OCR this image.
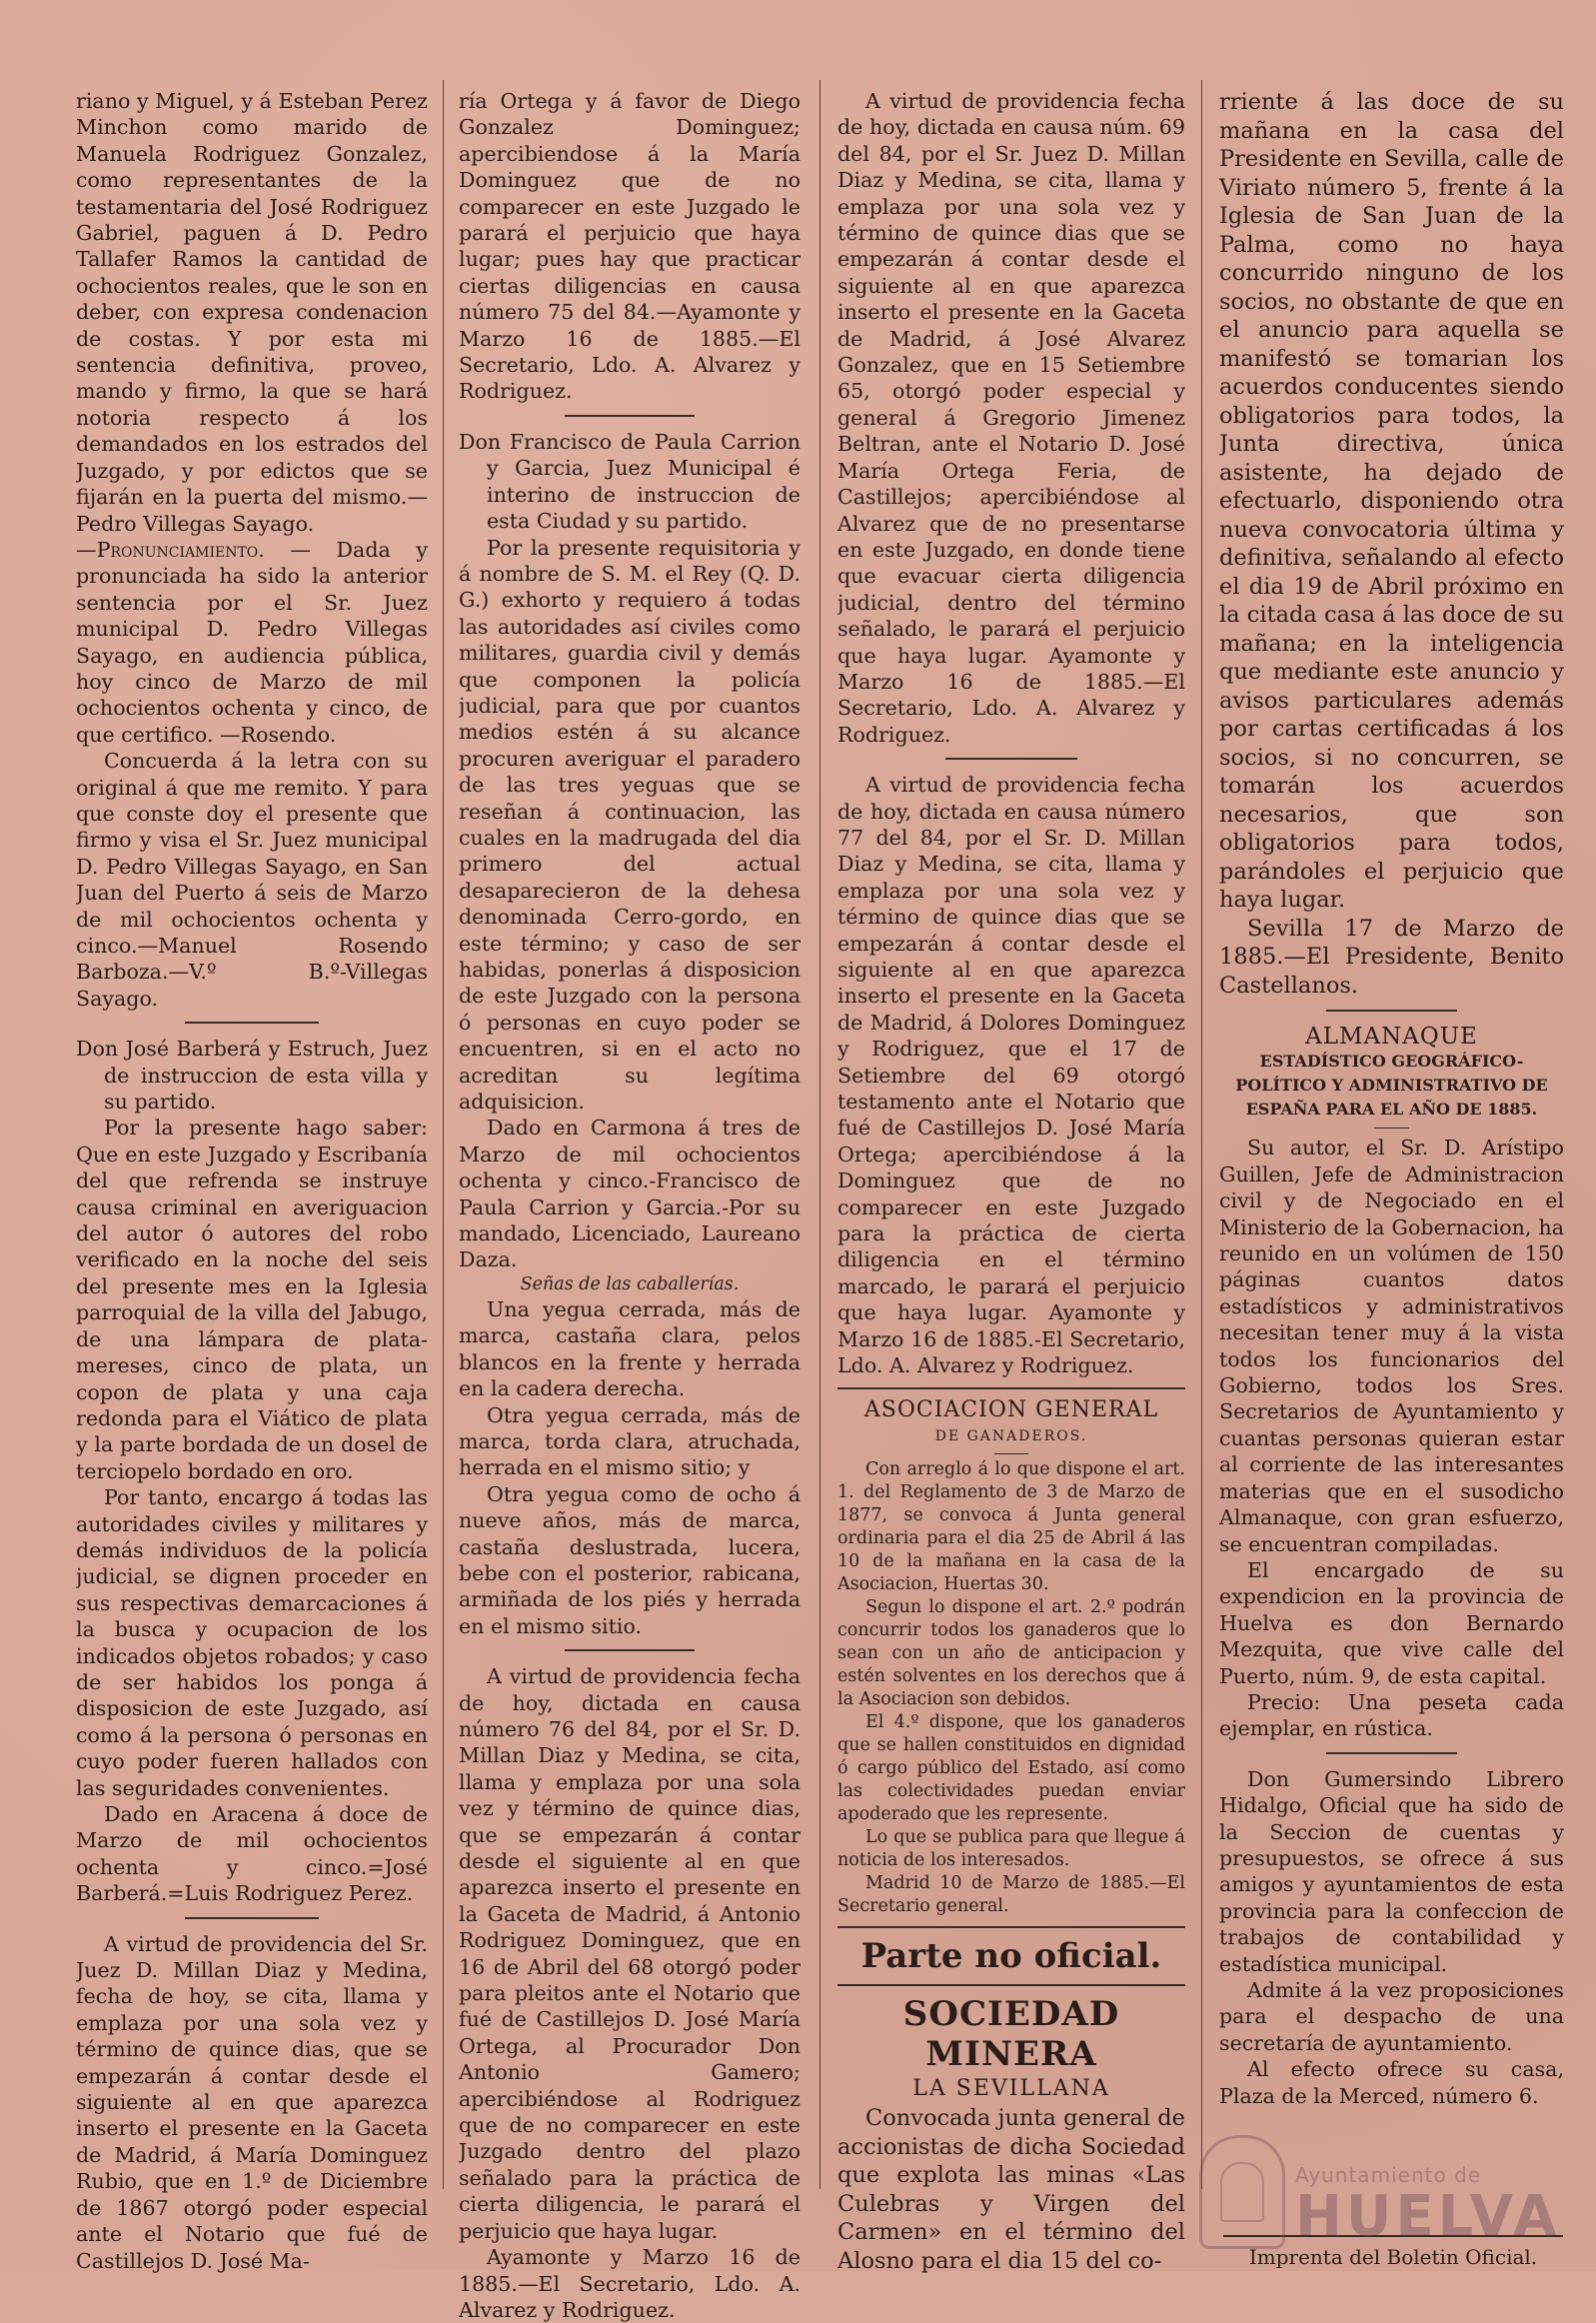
riano y Miguel, y á Esteban Perez Minchon como marido de Manuela Rodriguez Gonzalez, como representantes de la testamentaria del José Rodriguez Gabriel, paguen á D. Pedro Tallafer Ramos la cantidad de ochocientos reales, que le son en deber, con expresa condenacion de costas. Y por esta mi sentencia definitiva, proveo, mando y firmo, la que se hará notoria respecto á los demandados en los estrados del Juzgado, y por edictos que se fijarán en la puerta del mismo.—Pedro Villegas Sayago.

—Pronunciamiento. — Dada y pronunciada ha sido la anterior sentencia por el Sr. Juez municipal D. Pedro Villegas Sayago, en audiencia pública, hoy cinco de Marzo de mil ochocientos ochenta y cinco, de que certifico. —Rosendo.

Concuerda á la letra con su original á que me remito. Y para que conste doy el presente que firmo y visa el Sr. Juez municipal D. Pedro Villegas Sayago, en San Juan del Puerto á seis de Marzo de mil ochocientos ochenta y cinco.—Manuel Rosendo Barboza.—V.º B.º-Villegas Sayago.

Don José Barberá y Estruch, Juez de instruccion de esta villa y su partido.

Por la presente hago saber: Que en este Juzgado y Escribanía del que refrenda se instruye causa criminal en averiguacion del autor ó autores del robo verificado en la noche del seis del presente mes en la Iglesia parroquial de la villa del Jabugo, de una lámpara de plata-mereses, cinco de plata, un copon de plata y una caja redonda para el Viático de plata y la parte bordada de un dosel de terciopelo bordado en oro.

Por tanto, encargo á todas las autoridades civiles y militares y demás individuos de la policía judicial, se dignen proceder en sus respectivas demarcaciones á la busca y ocupacion de los indicados objetos robados; y caso de ser habidos los ponga á disposicion de este Juzgado, así como á la persona ó personas en cuyo poder fueren hallados con las seguridades convenientes.

Dado en Aracena á doce de Marzo de mil ochocientos ochenta y cinco.=José Barberá.=Luis Rodriguez Perez.

A virtud de providencia del Sr. Juez D. Millan Diaz y Medina, fecha de hoy, se cita, llama y emplaza por una sola vez y término de quince dias, que se empezarán á contar desde el siguiente al en que aparezca inserto el presente en la Gaceta de Madrid, á María Dominguez Rubio, que en 1.º de Diciembre de 1867 otorgó poder especial ante el Notario que fué de Castillejos D. José Ma-

ría Ortega y á favor de Diego Gonzalez Dominguez; apercibiendose á la María Dominguez que de no comparecer en este Juzgado le parará el perjuicio que haya lugar; pues hay que practicar ciertas diligencias en causa número 75 del 84.—Ayamonte y Marzo 16 de 1885.—El Secretario, Ldo. A. Alvarez y Rodriguez.

Don Francisco de Paula Carrion y Garcia, Juez Municipal é interino de instruccion de esta Ciudad y su partido.

Por la presente requisitoria y á nombre de S. M. el Rey (Q. D. G.) exhorto y requiero á todas las autoridades así civiles como militares, guardia civil y demás que componen la policía judicial, para que por cuantos medios estén á su alcance procuren averiguar el paradero de las tres yeguas que se reseñan á continuacion, las cuales en la madrugada del dia primero del actual desaparecieron de la dehesa denominada Cerro-gordo, en este término; y caso de ser habidas, ponerlas á disposicion de este Juzgado con la persona ó personas en cuyo poder se encuentren, si en el acto no acreditan su legítima adquisicion.

Dado en Carmona á tres de Marzo de mil ochocientos ochenta y cinco.-Francisco de Paula Carrion y Garcia.-Por su mandado, Licenciado, Laureano Daza.

Señas de las caballerías.

Una yegua cerrada, más de marca, castaña clara, pelos blancos en la frente y herrada en la cadera derecha.

Otra yegua cerrada, más de marca, torda clara, atruchada, herrada en el mismo sitio; y

Otra yegua como de ocho á nueve años, más de marca, castaña deslustrada, lucera, bebe con el posterior, rabicana, armiñada de los piés y herrada en el mismo sitio.

A virtud de providencia fecha de hoy, dictada en causa número 76 del 84, por el Sr. D. Millan Diaz y Medina, se cita, llama y emplaza por una sola vez y término de quince dias, que se empezarán á contar desde el siguiente al en que aparezca inserto el presente en la Gaceta de Madrid, á Antonio Rodriguez Dominguez, que en 16 de Abril del 68 otorgó poder para pleitos ante el Notario que fué de Castillejos D. José María Ortega, al Procurador Don Antonio Gamero; apercibiéndose al Rodriguez que de no comparecer en este Juzgado dentro del plazo señalado para la práctica de cierta diligencia, le parará el perjuicio que haya lugar.

Ayamonte y Marzo 16 de 1885.—El Secretario, Ldo. A. Alvarez y Rodriguez.

A virtud de providencia fecha de hoy, dictada en causa núm. 69 del 84, por el Sr. Juez D. Millan Diaz y Medina, se cita, llama y emplaza por una sola vez y término de quince dias que se empezarán á contar desde el siguiente al en que aparezca inserto el presente en la Gaceta de Madrid, á José Alvarez Gonzalez, que en 15 Setiembre 65, otorgó poder especial y general á Gregorio Jimenez Beltran, ante el Notario D. José María Ortega Feria, de Castillejos; apercibiéndose al Alvarez que de no presentarse en este Juzgado, en donde tiene que evacuar cierta diligencia judicial, dentro del término señalado, le parará el perjuicio que haya lugar. Ayamonte y Marzo 16 de 1885.—El Secretario, Ldo. A. Alvarez y Rodriguez.

A virtud de providencia fecha de hoy, dictada en causa número 77 del 84, por el Sr. D. Millan Diaz y Medina, se cita, llama y emplaza por una sola vez y término de quince dias que se empezarán á contar desde el siguiente al en que aparezca inserto el presente en la Gaceta de Madrid, á Dolores Dominguez y Rodriguez, que el 17 de Setiembre del 69 otorgó testamento ante el Notario que fué de Castillejos D. José María Ortega; apercibiéndose á la Dominguez que de no comparecer en este Juzgado para la práctica de cierta diligencia en el término marcado, le parará el perjuicio que haya lugar. Ayamonte y Marzo 16 de 1885.-El Secretario, Ldo. A. Alvarez y Rodriguez.

ASOCIACION GENERAL

DE GANADEROS.

Con arreglo á lo que dispone el art. 1. del Reglamento de 3 de Marzo de 1877, se convoca á Junta general ordinaria para el dia 25 de Abril á las 10 de la mañana en la casa de la Asociacion, Huertas 30.

Segun lo dispone el art. 2.º podrán concurrir todos los ganaderos que lo sean con un año de anticipacion y estén solventes en los derechos que á la Asociacion son debidos.

El 4.º dispone, que los ganaderos que se hallen constituidos en dignidad ó cargo público del Estado, así como las colectividades puedan enviar apoderado que les represente.

Lo que se publica para que llegue á noticia de los interesados.

Madrid 10 de Marzo de 1885.—El Secretario general.

Parte no oficial.

SOCIEDAD MINERA

LA SEVILLANA

Convocada junta general de accionistas de dicha Sociedad que explota las minas «Las Culebras y Virgen del Carmen» en el término del Alosno para el dia 15 del co-

rriente á las doce de su mañana en la casa del Presidente en Sevilla, calle de Viriato número 5, frente á la Iglesia de San Juan de la Palma, como no haya concurrido ninguno de los socios, no obstante de que en el anuncio para aquella se manifestó se tomarian los acuerdos conducentes siendo obligatorios para todos, la Junta directiva, única asistente, ha dejado de efectuarlo, disponiendo otra nueva convocatoria última y definitiva, señalando al efecto el dia 19 de Abril próximo en la citada casa á las doce de su mañana; en la inteligencia que mediante este anuncio y avisos particulares además por cartas certificadas á los socios, si no concurren, se tomarán los acuerdos necesarios, que son obligatorios para todos, parándoles el perjuicio que haya lugar.

Sevilla 17 de Marzo de 1885.—El Presidente, Benito Castellanos.

ALMANAQUE

ESTADÍSTICO GEOGRÁFICO-POLÍTICO Y ADMINISTRATIVO DE ESPAÑA PARA EL AÑO DE 1885.

Su autor, el Sr. D. Arístipo Guillen, Jefe de Administracion civil y de Negociado en el Ministerio de la Gobernacion, ha reunido en un volúmen de 150 páginas cuantos datos estadísticos y administrativos necesitan tener muy á la vista todos los funcionarios del Gobierno, todos los Sres. Secretarios de Ayuntamiento y cuantas personas quieran estar al corriente de las interesantes materias que en el susodicho Almanaque, con gran esfuerzo, se encuentran compiladas.

El encargado de su expendicion en la provincia de Huelva es don Bernardo Mezquita, que vive calle del Puerto, núm. 9, de esta capital.

Precio: Una peseta cada ejemplar, en rústica.

Don Gumersindo Librero Hidalgo, Oficial que ha sido de la Seccion de cuentas y presupuestos, se ofrece á sus amigos y ayuntamientos de esta provincia para la confeccion de trabajos de contabilidad y estadística municipal.

Admite á la vez proposiciones para el despacho de una secretaría de ayuntamiento.

Al efecto ofrece su casa, Plaza de la Merced, número 6.

Imprenta del Boletin Oficial.
Ayuntamiento de
HUELVA
